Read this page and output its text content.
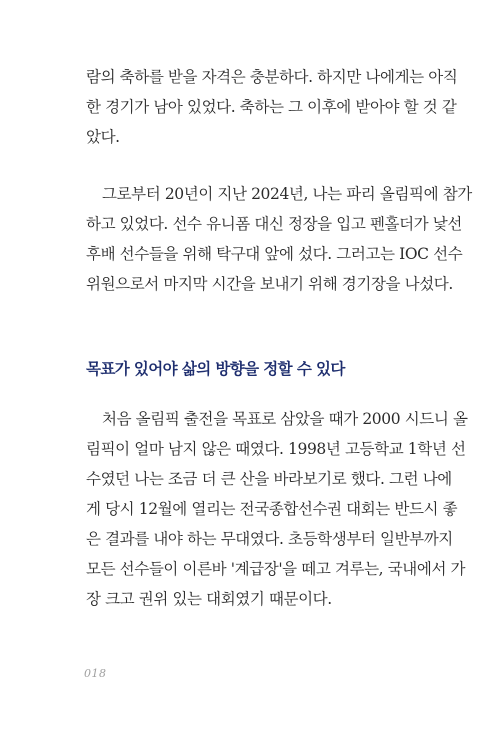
람의 축하를 받을 자격은 충분하다. 하지만 나에게는 아직
한 경기가 남아 있었다. 축하는 그 이후에 받아야 할 것 같
았다.

그로부터 20년이 지난 2024년, 나는 파리 올림픽에 참가
하고 있었다. 선수 유니폼 대신 정장을 입고 펜홀더가 낯선
후배 선수들을 위해 탁구대 앞에 섰다. 그러고는 IOC 선수
위원으로서 마지막 시간을 보내기 위해 경기장을 나섰다.

목표가 있어야 삶의 방향을 정할 수 있다

처음 올림픽 출전을 목표로 삼았을 때가 2000 시드니 올
림픽이 얼마 남지 않은 때였다. 1998년 고등학교 1학년 선
수였던 나는 조금 더 큰 산을 바라보기로 했다. 그런 나에
게 당시 12월에 열리는 전국종합선수권 대회는 반드시 좋
은 결과를 내야 하는 무대였다. 초등학생부터 일반부까지
모든 선수들이 이른바 '계급장'을 떼고 겨루는, 국내에서 가
장 크고 권위 있는 대회였기 때문이다.

018
